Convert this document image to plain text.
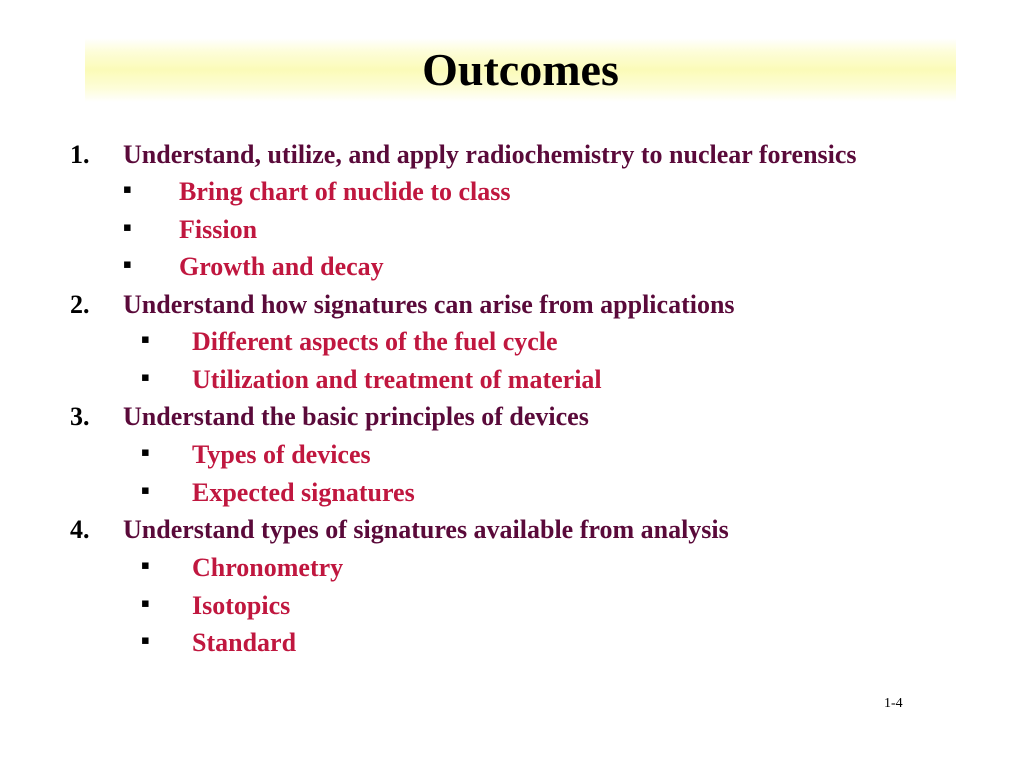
Outcomes
1. Understand, utilize, and apply radiochemistry to nuclear forensics
▪ Bring chart of nuclide to class
▪ Fission
▪ Growth and decay
2. Understand how signatures can arise from applications
▪ Different aspects of the fuel cycle
▪ Utilization and treatment of material
3. Understand the basic principles of devices
▪ Types of devices
▪ Expected signatures
4. Understand types of signatures available from analysis
▪ Chronometry
▪ Isotopics
▪ Standard
1-4
